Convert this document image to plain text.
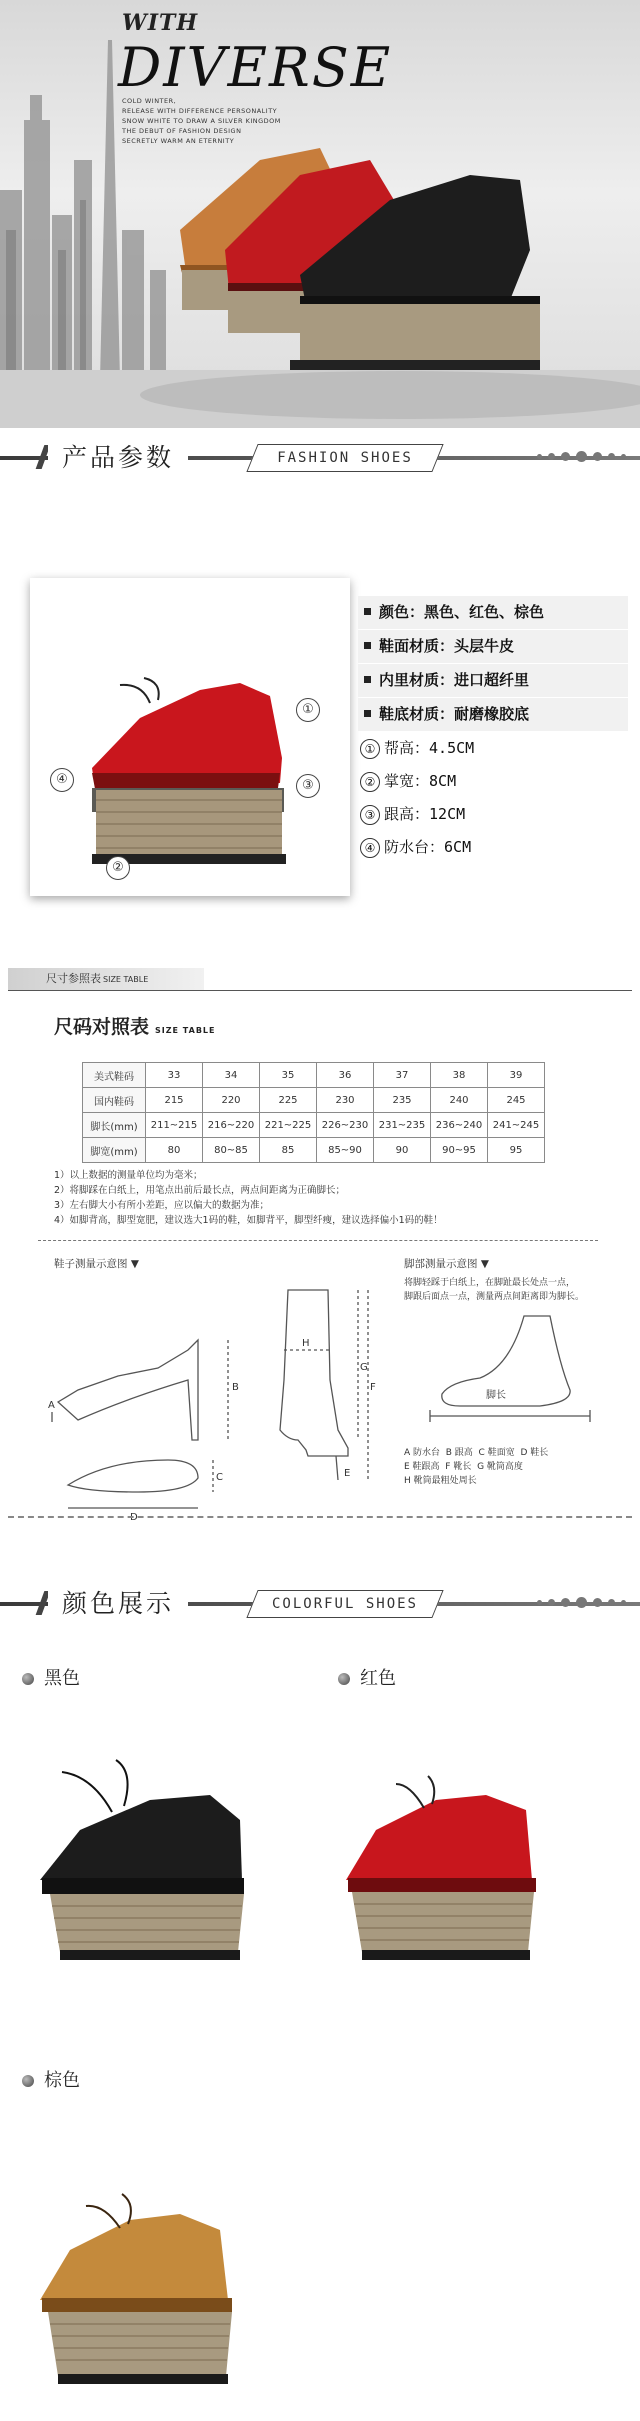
WITH
DIVERSE
COLD WINTER,
RELEASE WITH DIFFERENCE PERSONALITY
SNOW WHITE TO DRAW A SILVER KINGDOM
THE DEBUT OF FASHION DESIGN
SECRETLY WARM AN ETERNITY
产品参数	FASHION SHOES
①
②
③
④
颜色：黑色、红色、棕色
鞋面材质：头层牛皮
内里材质：进口超纤里
鞋底材质：耐磨橡胶底
① 帮高：4.5CM
② 掌宽：8CM
③ 跟高：12CM
④ 防水台：6CM
尺寸参照表 SIZE TABLE
尺码对照表 SIZE TABLE
美式鞋码	33	34	35	36	37	38	39
国内鞋码	215	220	225	230	235	240	245
脚长(mm)	211~215	216~220	221~225	226~230	231~235	236~240	241~245
脚宽(mm)	80	80~85	85	85~90	90	90~95	95
1）以上数据的测量单位均为毫米；
2）将脚踩在白纸上，用笔点出前后最长点，两点间距离为正确脚长；
3）左右脚大小有所小差距，应以偏大的数据为准；
4）如脚背高，脚型宽肥，建议选大1码的鞋，如脚背平，脚型纤瘦，建议选择偏小1码的鞋！
鞋子测量示意图 ▼	脚部测量示意图 ▼
将脚轻踩于白纸上，在脚趾最长处点一点，
脚跟后面点一点，测量两点间距离即为脚长。
A
B
C
D
E
F
G
H
脚长
A 防水台 B 跟高 C 鞋面宽 D 鞋长
E 鞋跟高 F 靴长 G 靴筒高度
H 靴筒最粗处周长
颜色展示	COLORFUL SHOES
黑色	红色
棕色
